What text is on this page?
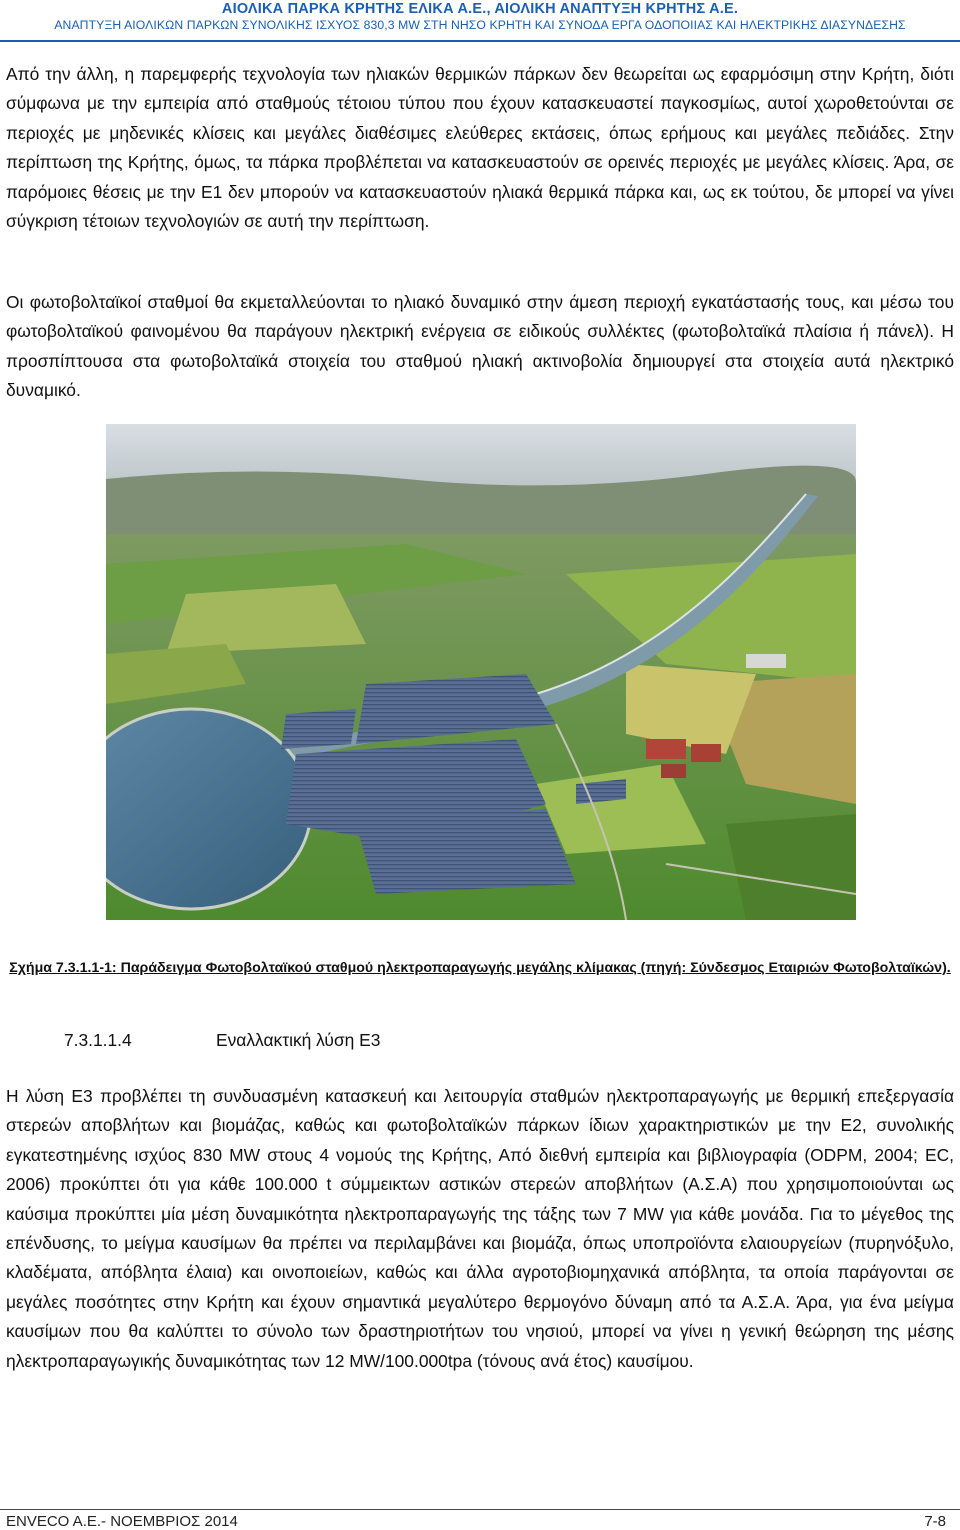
ΑΙΟΛΙΚΑ ΠΑΡΚΑ ΚΡΗΤΗΣ ΕΛΙΚΑ Α.Ε., ΑΙΟΛΙΚΗ ΑΝΑΠΤΥΞΗ ΚΡΗΤΗΣ Α.Ε.
ΑΝΑΠΤΥΞΗ ΑΙΟΛΙΚΩΝ ΠΑΡΚΩΝ ΣΥΝΟΛΙΚΗΣ ΙΣΧΥΟΣ 830,3 MW ΣΤΗ ΝΗΣΟ ΚΡΗΤΗ ΚΑΙ ΣΥΝΟΔΑ ΕΡΓΑ ΟΔΟΠΟΙΙΑΣ ΚΑΙ ΗΛΕΚΤΡΙΚΗΣ ΔΙΑΣΥΝΔΕΣΗΣ

Από την άλλη, η παρεμφερής τεχνολογία των ηλιακών θερμικών πάρκων δεν θεωρείται ως εφαρμόσιμη στην Κρήτη, διότι σύμφωνα με την εμπειρία από σταθμούς τέτοιου τύπου που έχουν κατασκευαστεί παγκοσμίως, αυτοί χωροθετούνται σε περιοχές με μηδενικές κλίσεις και μεγάλες διαθέσιμες ελεύθερες εκτάσεις, όπως ερήμους και μεγάλες πεδιάδες. Στην περίπτωση της Κρήτης, όμως, τα πάρκα προβλέπεται να κατασκευαστούν σε ορεινές περιοχές με μεγάλες κλίσεις. Άρα, σε παρόμοιες θέσεις με την Ε1 δεν μπορούν να κατασκευαστούν ηλιακά θερμικά πάρκα και, ως εκ τούτου, δε μπορεί να γίνει σύγκριση τέτοιων τεχνολογιών σε αυτή την περίπτωση.

Οι φωτοβολταϊκοί σταθμοί θα εκμεταλλεύονται το ηλιακό δυναμικό στην άμεση περιοχή εγκατάστασής τους, και μέσω του φωτοβολταϊκού φαινομένου θα παράγουν ηλεκτρική ενέργεια σε ειδικούς συλλέκτες (φωτοβολταϊκά πλαίσια ή πάνελ). Η προσπίπτουσα στα φωτοβολταϊκά στοιχεία του σταθμού ηλιακή ακτινοβολία δημιουργεί στα στοιχεία αυτά ηλεκτρικό δυναμικό.

Σχήμα 7.3.1.1-1: Παράδειγμα Φωτοβολταϊκού σταθμού ηλεκτροπαραγωγής μεγάλης κλίμακας (πηγή: Σύνδεσμος Εταιριών Φωτοβολταϊκών).

7.3.1.1.4	Εναλλακτική λύση Ε3

Η λύση Ε3 προβλέπει τη συνδυασμένη κατασκευή και λειτουργία σταθμών ηλεκτροπαραγωγής με θερμική επεξεργασία στερεών αποβλήτων και βιομάζας, καθώς και φωτοβολταϊκών πάρκων ίδιων χαρακτηριστικών με την Ε2, συνολικής εγκατεστημένης ισχύος 830 MW στους 4 νομούς της Κρήτης, Από διεθνή εμπειρία και βιβλιογραφία (ODPM, 2004; EC, 2006) προκύπτει ότι για κάθε 100.000 t σύμμεικτων αστικών στερεών αποβλήτων (Α.Σ.Α) που χρησιμοποιούνται ως καύσιμα προκύπτει μία μέση δυναμικότητα ηλεκτροπαραγωγής της τάξης των 7 MW για κάθε μονάδα. Για το μέγεθος της επένδυσης, το μείγμα καυσίμων θα πρέπει να περιλαμβάνει και βιομάζα, όπως υποπροϊόντα ελαιουργείων (πυρηνόξυλο, κλαδέματα, απόβλητα έλαια) και οινοποιείων, καθώς και άλλα αγροτοβιομηχανικά απόβλητα, τα οποία παράγονται σε μεγάλες ποσότητες στην Κρήτη και έχουν σημαντικά μεγαλύτερο θερμογόνο δύναμη από τα Α.Σ.Α. Άρα, για ένα μείγμα καυσίμων που θα καλύπτει το σύνολο των δραστηριοτήτων του νησιού, μπορεί να γίνει η γενική θεώρηση της μέσης ηλεκτροπαραγωγικής δυναμικότητας των 12 MW/100.000tpa (τόνους ανά έτος) καυσίμου.

ENVECO A.E.- ΝΟΕΜΒΡΙΟΣ 2014	7-8
